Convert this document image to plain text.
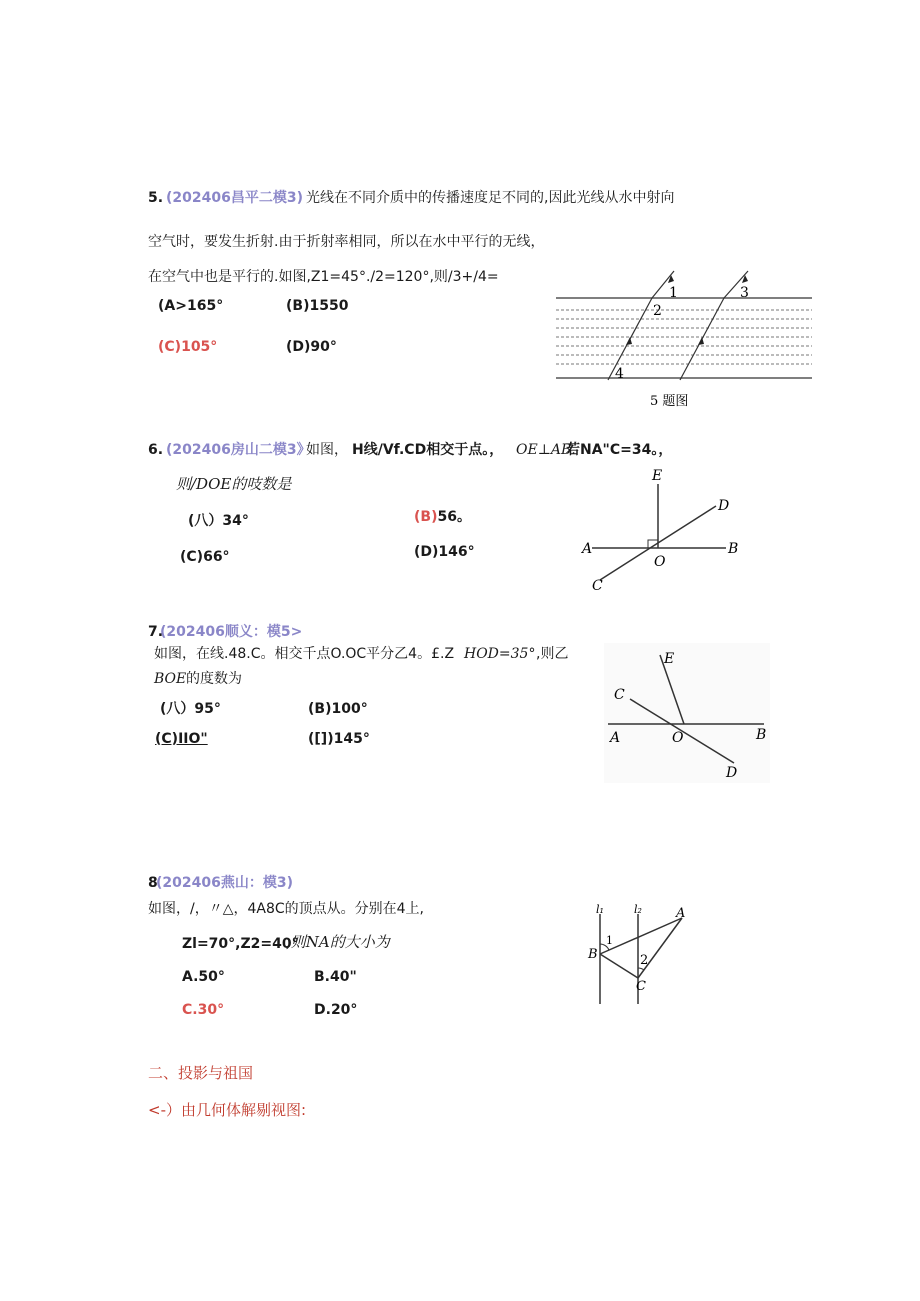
5. (202406昌平二模3) 光线在不同介质中的传播速度足不同的,因此光线从水中射向
空气时，要发生折射.由于折射率相同，所以在水中平行的无线，
在空气中也是平行的.如图,Z1=45°./2=120°,则/3+/4=
(A>165°	(B)1550
(C)105°	(D)90°
1
2
3
4
5 题图
6. (202406房山二模3》
如图， H线/Vf.CD相交于点。， OE⊥AB.
若NA"C=34。，
则/DOE的吱数是
(八）34°	(B)56。
(C)66°	(D)146°
E
D
A	B
O
C
7.
(202406顺义：模5>
如图，在线.48.C。相交千点O.OC平分乙4。£.Z HOD=35° ,则乙
BOE 的度数为
(八）95°	(B)100°
(C)IIO"	([])145°
E
C
A	O	B
D
8
(202406燕山：模3)
如图，/，〃△，4A8C的顶点从。分别在4上,
Zl=70°,Z2=40°
,则NA的大小为
A.50°	B.40"
C.30°	D.20°
l₁	l₂	A
B
C
1
2
二、投影与祖国
<-）由几何体解剔视图:
